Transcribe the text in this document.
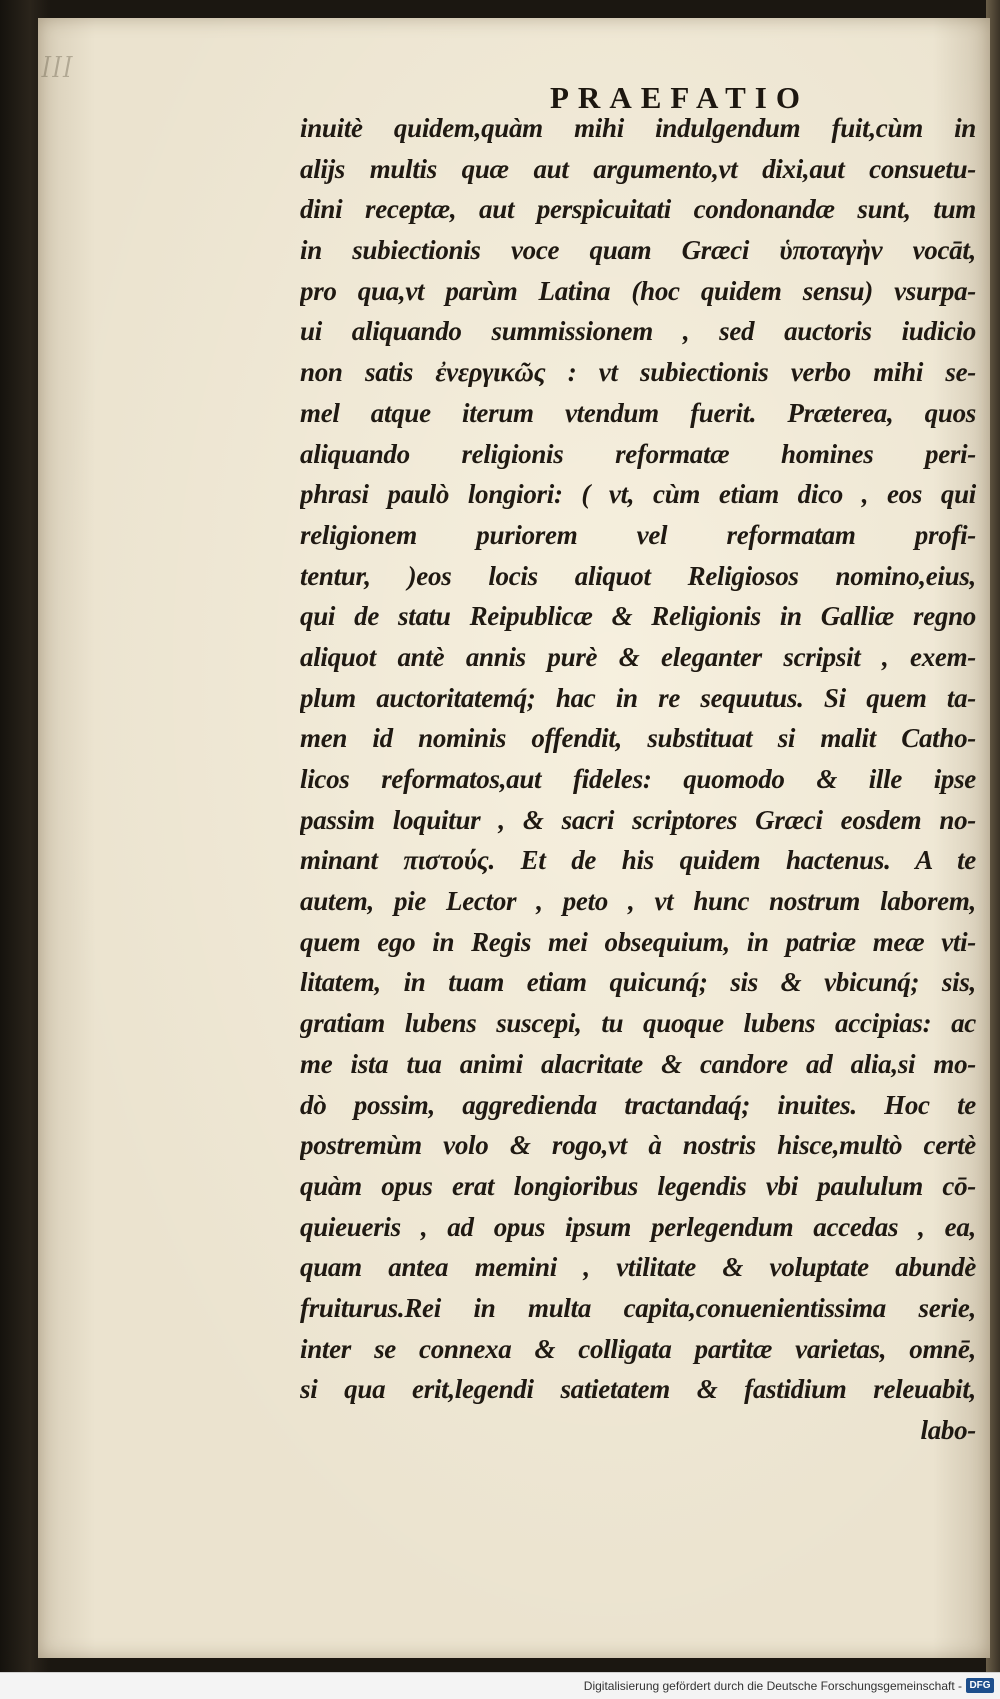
ꟾꟾꟾ
PRAEFATIO
inuitè quidem,quàm mihi indulgendum fuit,cùm in
aliјs multis quæ aut argumento,vt dixi,aut consuetu-
dini receptæ, aut perspicuitati condonandæ sunt, tum
in subiectionis voce quam Græci ὑποταγὴν vocāt,
pro qua,vt parùm Latina (hoc quidem sensu) vsurpa-
ui aliquando summissionem , sed auctoris iudicio
non satis ἐνεργικῶς : vt subiectionis verbo mihi se-
mel atque iterum vtendum fuerit. Præterea, quos
aliquando religionis reformatæ homines peri-
phrasi paulò longiori: ( vt, cùm etiam dico , eos qui
religionem puriorem vel reformatam profi-
tentur, )eos locis aliquot Religiosos nomino,eius,
qui de statu Reipublicæ & Religionis in Galliæ regno
aliquot antè annis purè & eleganter scripsit , exem-
plum auctoritatemq́; hac in re sequutus. Si quem ta-
men id nominis offendit, substituat si malit Catho-
licos reformatos,aut fideles: quomodo & ille ipse
passim loquitur , & sacri scriptores Græci eosdem no-
minant πιστούς. Et de his quidem hactenus. A te
autem, pie Lector , peto , vt hunc nostrum laborem,
quem ego in Regis mei obsequium, in patriæ meæ vti-
litatem, in tuam etiam quicunq́; sis & vbicunq́; sis,
gratiam lubens suscepi, tu quoque lubens accipias: ac
me ista tua animi alacritate & candore ad alia,si mo-
dò possim, aggrediendа tractandaq́; inuites. Hoc te
postremùm volo & rogo,vt à nostris hisce,multò certè
quàm opus erat longioribus legendis vbi paululum cō-
quieueris , ad opus ipsum perlegendum accedas , ea,
quam antea memini , vtilitate & voluptate abundè
fruiturus.Rei in multa capita,conuenientissima serie,
inter se connexa & colligata partitæ varietas, omnē,
si qua erit,legendi satietatem & fastidium releuabit,
labo-
Digitalisierung gefördert durch die Deutsche Forschungsgemeinschaft - DFG
